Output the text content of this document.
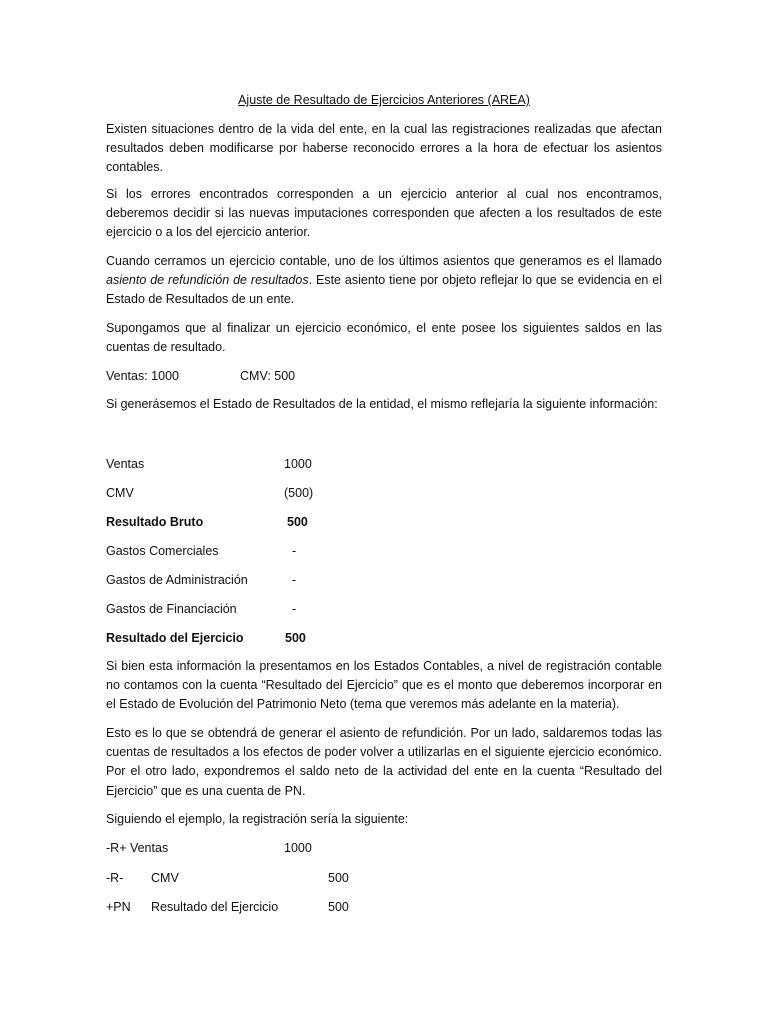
Ajuste de Resultado de Ejercicios Anteriores (AREA)

Existen situaciones dentro de la vida del ente, en la cual las registraciones realizadas que afectan resultados deben modificarse por haberse reconocido errores a la hora de efectuar los asientos contables.

Si los errores encontrados corresponden a un ejercicio anterior al cual nos encontramos, deberemos decidir si las nuevas imputaciones corresponden que afecten a los resultados de este ejercicio o a los del ejercicio anterior.

Cuando cerramos un ejercicio contable, uno de los últimos asientos que generamos es el llamado asiento de refundición de resultados. Este asiento tiene por objeto reflejar lo que se evidencia en el Estado de Resultados de un ente.

Supongamos que al finalizar un ejercicio económico, el ente posee los siguientes saldos en las cuentas de resultado.

Ventas: 1000	CMV: 500

Si generásemos el Estado de Resultados de la entidad, el mismo reflejaría la siguiente información:

Ventas	1000
CMV	(500)
Resultado Bruto	500
Gastos Comerciales	-
Gastos de Administración	-
Gastos de Financiación	-
Resultado del Ejercicio	500

Si bien esta información la presentamos en los Estados Contables, a nivel de registración contable no contamos con la cuenta “Resultado del Ejercicio” que es el monto que deberemos incorporar en el Estado de Evolución del Patrimonio Neto (tema que veremos más adelante en la materia).

Esto es lo que se obtendrá de generar el asiento de refundición. Por un lado, saldaremos todas las cuentas de resultados a los efectos de poder volver a utilizarlas en el siguiente ejercicio económico. Por el otro lado, expondremos el saldo neto de la actividad del ente en la cuenta “Resultado del Ejercicio” que es una cuenta de PN.

Siguiendo el ejemplo, la registración sería la siguiente:

-R+ Ventas	1000
-R- CMV	500
+PN Resultado del Ejercicio	500
